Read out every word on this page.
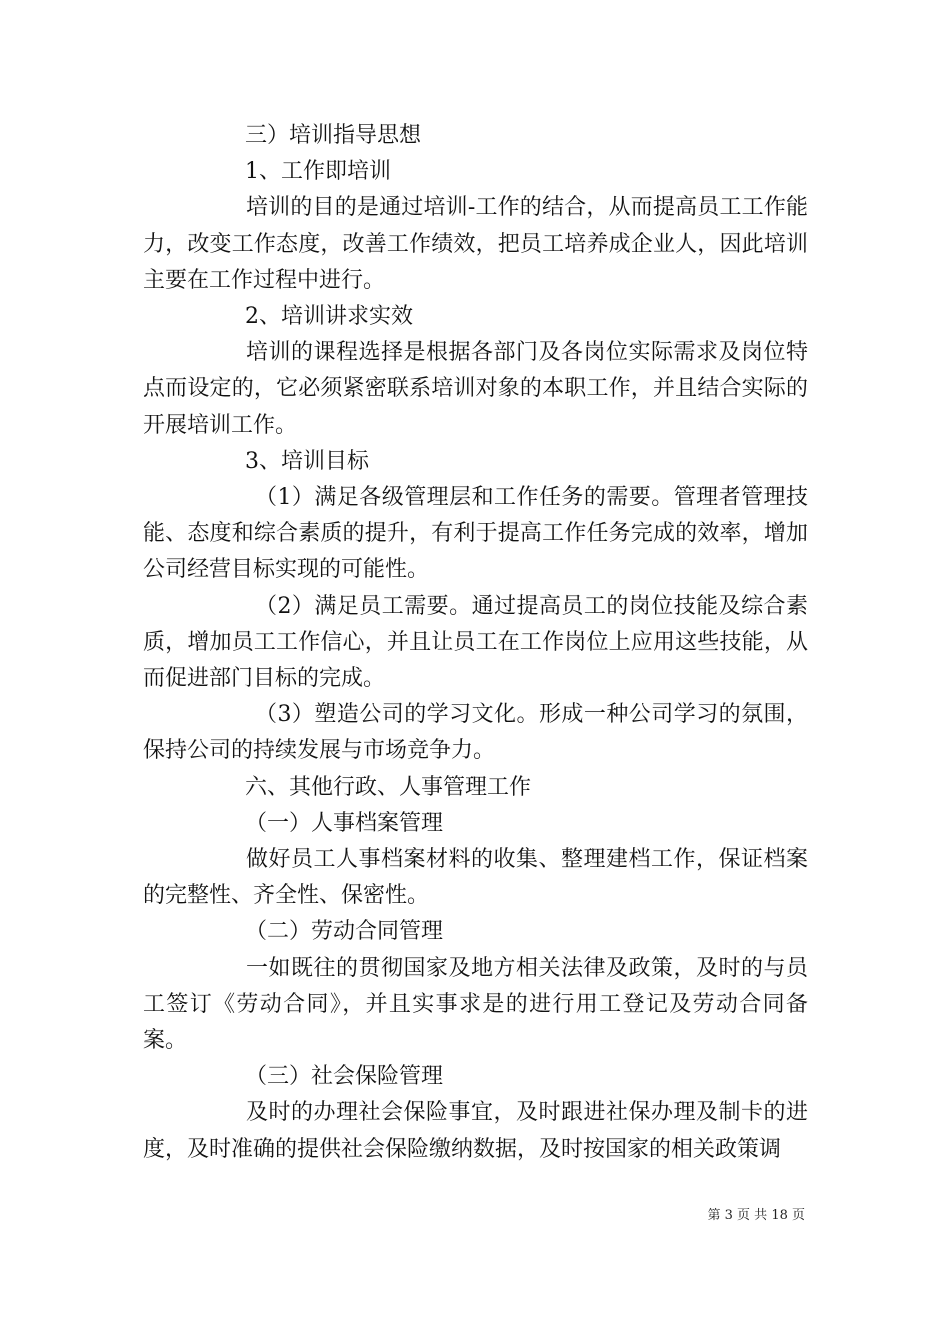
三）培训指导思想
1、工作即培训

培训的目的是通过培训-工作的结合，从而提高员工工作能力，改变工作态度，改善工作绩效，把员工培养成企业人，因此培训主要在工作过程中进行。

2、培训讲求实效

培训的课程选择是根据各部门及各岗位实际需求及岗位特点而设定的，它必须紧密联系培训对象的本职工作，并且结合实际的开展培训工作。

3、培训目标

（1）满足各级管理层和工作任务的需要。管理者管理技能、态度和综合素质的提升，有利于提高工作任务完成的效率，增加公司经营目标实现的可能性。

（2）满足员工需要。通过提高员工的岗位技能及综合素质，增加员工工作信心，并且让员工在工作岗位上应用这些技能，从而促进部门目标的完成。

（3）塑造公司的学习文化。形成一种公司学习的氛围，保持公司的持续发展与市场竞争力。

六、其他行政、人事管理工作
（一）人事档案管理

做好员工人事档案材料的收集、整理建档工作，保证档案的完整性、齐全性、保密性。

（二）劳动合同管理

一如既往的贯彻国家及地方相关法律及政策，及时的与员工签订《劳动合同》，并且实事求是的进行用工登记及劳动合同备案。

（三）社会保险管理

及时的办理社会保险事宜，及时跟进社保办理及制卡的进度，及时准确的提供社会保险缴纳数据，及时按国家的相关政策调

第 3 页 共 18 页
